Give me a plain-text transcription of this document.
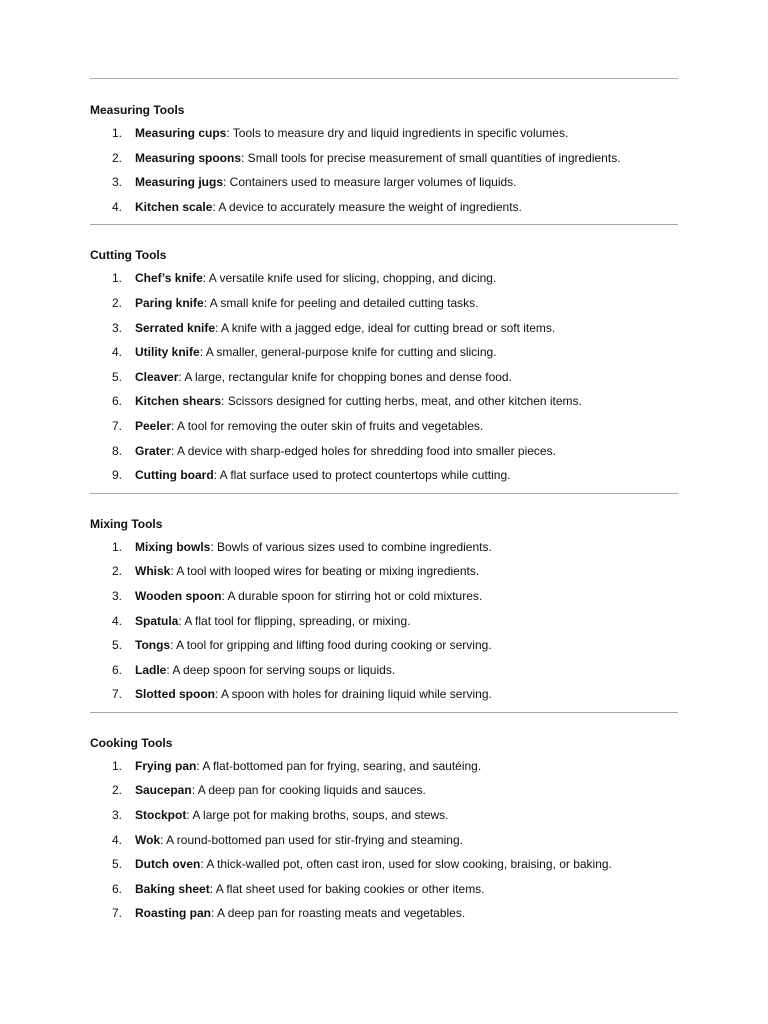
Measuring Tools
1. Measuring cups: Tools to measure dry and liquid ingredients in specific volumes.
2. Measuring spoons: Small tools for precise measurement of small quantities of ingredients.
3. Measuring jugs: Containers used to measure larger volumes of liquids.
4. Kitchen scale: A device to accurately measure the weight of ingredients.
Cutting Tools
1. Chef’s knife: A versatile knife used for slicing, chopping, and dicing.
2. Paring knife: A small knife for peeling and detailed cutting tasks.
3. Serrated knife: A knife with a jagged edge, ideal for cutting bread or soft items.
4. Utility knife: A smaller, general-purpose knife for cutting and slicing.
5. Cleaver: A large, rectangular knife for chopping bones and dense food.
6. Kitchen shears: Scissors designed for cutting herbs, meat, and other kitchen items.
7. Peeler: A tool for removing the outer skin of fruits and vegetables.
8. Grater: A device with sharp-edged holes for shredding food into smaller pieces.
9. Cutting board: A flat surface used to protect countertops while cutting.
Mixing Tools
1. Mixing bowls: Bowls of various sizes used to combine ingredients.
2. Whisk: A tool with looped wires for beating or mixing ingredients.
3. Wooden spoon: A durable spoon for stirring hot or cold mixtures.
4. Spatula: A flat tool for flipping, spreading, or mixing.
5. Tongs: A tool for gripping and lifting food during cooking or serving.
6. Ladle: A deep spoon for serving soups or liquids.
7. Slotted spoon: A spoon with holes for draining liquid while serving.
Cooking Tools
1. Frying pan: A flat-bottomed pan for frying, searing, and sautéing.
2. Saucepan: A deep pan for cooking liquids and sauces.
3. Stockpot: A large pot for making broths, soups, and stews.
4. Wok: A round-bottomed pan used for stir-frying and steaming.
5. Dutch oven: A thick-walled pot, often cast iron, used for slow cooking, braising, or baking.
6. Baking sheet: A flat sheet used for baking cookies or other items.
7. Roasting pan: A deep pan for roasting meats and vegetables.
